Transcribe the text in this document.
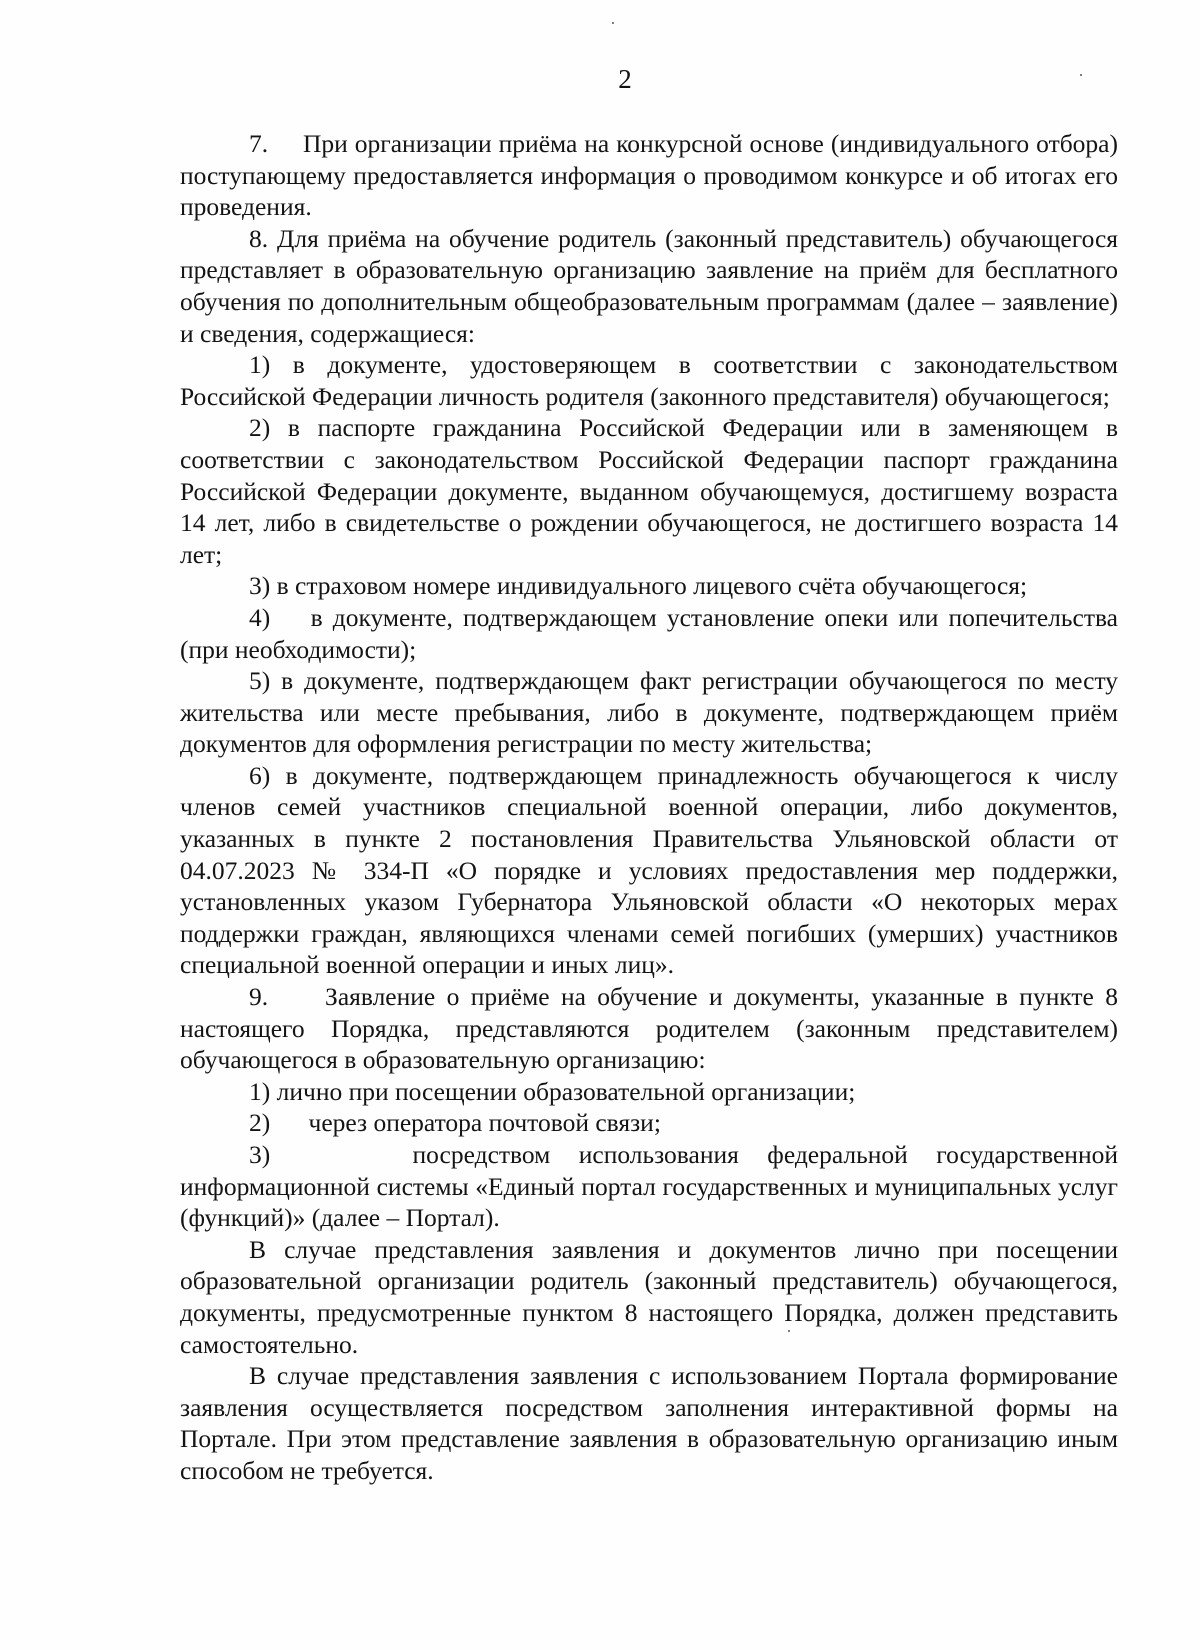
2

7.     При организации приёма на конкурсной основе (индивидуального отбора) поступающему предоставляется информация о проводимом конкурсе и об итогах его проведения.

8. Для приёма на обучение родитель (законный представитель) обучающегося представляет в образовательную организацию заявление на приём для бесплатного обучения по дополнительным общеобразовательным программам (далее – заявление) и сведения, содержащиеся:

1) в документе, удостоверяющем в соответствии с законодательством Российской Федерации личность родителя (законного представителя) обучающегося;

2) в паспорте гражданина Российской Федерации или в заменяющем в соответствии с законодательством Российской Федерации паспорт гражданина Российской Федерации документе, выданном обучающемуся, достигшему возраста 14 лет, либо в свидетельстве о рождении обучающегося, не достигшего возраста 14 лет;

3) в страховом номере индивидуального лицевого счёта обучающегося;

4)    в документе, подтверждающем установление опеки или попечительства (при необходимости);

5) в документе, подтверждающем факт регистрации обучающегося по месту жительства или месте пребывания, либо в документе, подтверждающем приём документов для оформления регистрации по месту жительства;

6) в документе, подтверждающем принадлежность обучающегося к числу членов семей участников специальной военной операции, либо документов, указанных в пункте 2 постановления Правительства Ульяновской области от 04.07.2023 № 334-П «О порядке и условиях предоставления мер поддержки, установленных указом Губернатора Ульяновской области «О некоторых мерах поддержки граждан, являющихся членами семей погибших (умерших) участников специальной военной операции и иных лиц».

9.     Заявление о приёме на обучение и документы, указанные в пункте 8 настоящего Порядка, представляются родителем (законным представителем) обучающегося в образовательную организацию:

1) лично при посещении образовательной организации;

2)      через оператора почтовой связи;

3)     посредством использования федеральной государственной информационной системы «Единый портал государственных и муниципальных услуг (функций)» (далее – Портал).

В случае представления заявления и документов лично при посещении образовательной организации родитель (законный представитель) обучающегося, документы, предусмотренные пунктом 8 настоящего Порядка, должен представить самостоятельно.

В случае представления заявления с использованием Портала формирование заявления осуществляется посредством заполнения интерактивной формы на Портале. При этом представление заявления в образовательную организацию иным способом не требуется.
